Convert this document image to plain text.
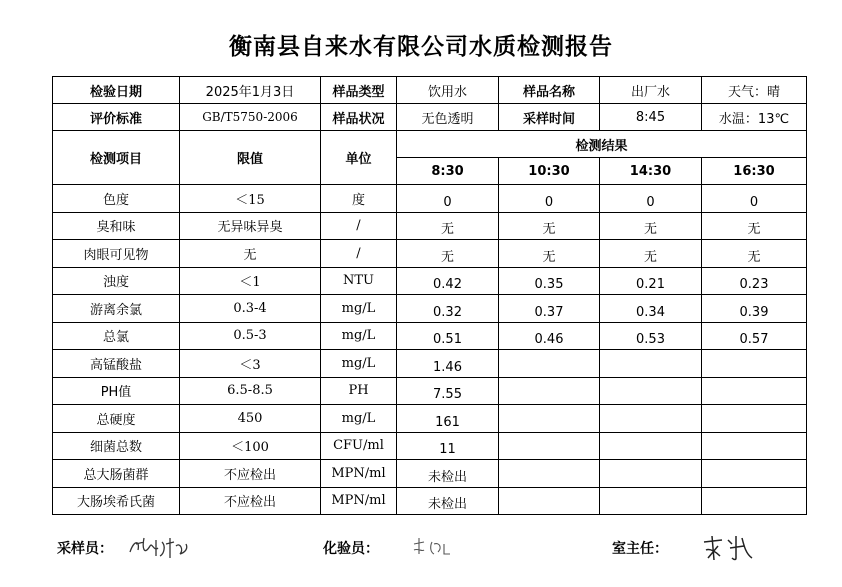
衡南县自来水有限公司水质检测报告
检验日期	2025年1月3日	样品类型	饮用水	样品名称	出厂水	天气：晴
评价标准	GB/T5750-2006	样品状况	无色透明	采样时间	8:45	水温：13℃
检测项目	限值	单位	检测结果			
			8:30	10:30	14:30	16:30
色度	＜15	度	0	0	0	0
臭和味	无异味异臭	/	无	无	无	无
肉眼可见物	无	/	无	无	无	无
浊度	＜1	NTU	0.42	0.35	0.21	0.23
游离余氯	0.3-4	mg/L	0.32	0.37	0.34	0.39
总氯	0.5-3	mg/L	0.51	0.46	0.53	0.57
高锰酸盐	＜3	mg/L	1.46			
PH值	6.5-8.5	PH	7.55			
总硬度	450	mg/L	161			
细菌总数	＜100	CFU/ml	11			
总大肠菌群	不应检出	MPN/ml	未检出			
大肠埃希氏菌	不应检出	MPN/ml	未检出			
采样员：	化验员：	室主任：
